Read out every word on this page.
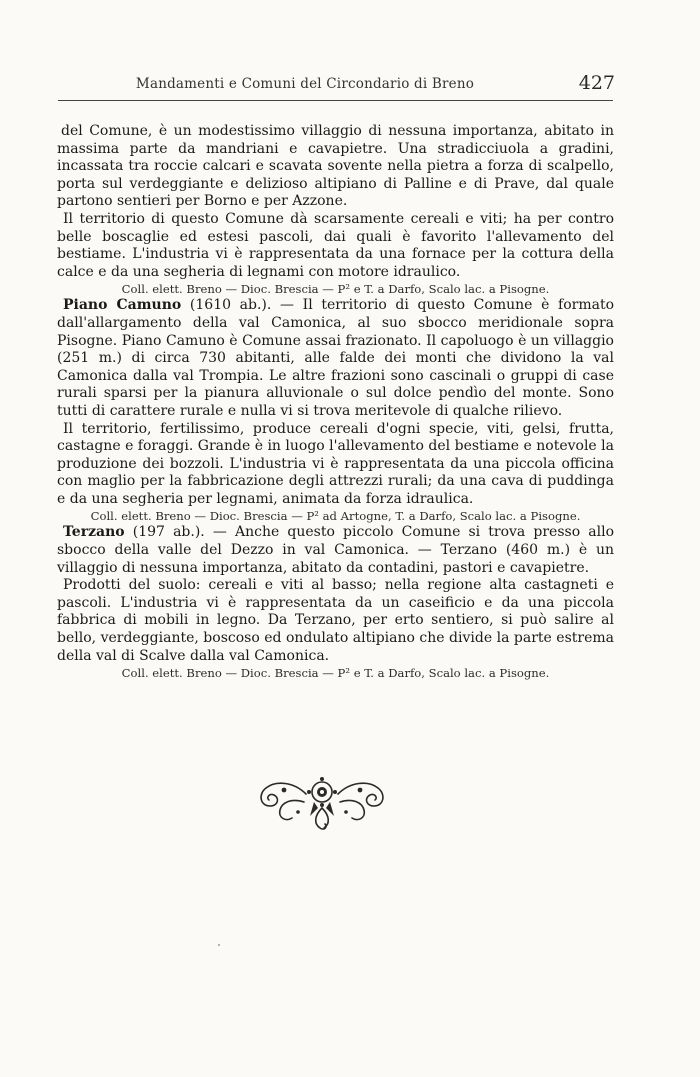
Mandamenti e Comuni del Circondario di Breno	427

del Comune, è un modestissimo villaggio di nessuna importanza, abitato in massima parte da mandriani e cavapietre. Una stradicciuola a gradini, incassata tra roccie calcari e scavata sovente nella pietra a forza di scalpello, porta sul verdeggiante e delizioso altipiano di Palline e di Prave, dal quale partono sentieri per Borno e per Azzone.

Il territorio di questo Comune dà scarsamente cereali e viti; ha per contro belle boscaglie ed estesi pascoli, dai quali è favorito l'allevamento del bestiame. L'industria vi è rappresentata da una fornace per la cottura della calce e da una segheria di legnami con motore idraulico.

Coll. elett. Breno — Dioc. Brescia — P² e T. a Darfo, Scalo lac. a Pisogne.

Piano Camuno (1610 ab.). — Il territorio di questo Comune è formato dall'allargamento della val Camonica, al suo sbocco meridionale sopra Pisogne. Piano Camuno è Comune assai frazionato. Il capoluogo è un villaggio (251 m.) di circa 730 abitanti, alle falde dei monti che dividono la val Camonica dalla val Trompia. Le altre frazioni sono cascinali o gruppi di case rurali sparsi per la pianura alluvionale o sul dolce pendìo del monte. Sono tutti di carattere rurale e nulla vi si trova meritevole di qualche rilievo.

Il territorio, fertilissimo, produce cereali d'ogni specie, viti, gelsi, frutta, castagne e foraggi. Grande è in luogo l'allevamento del bestiame e notevole la produzione dei bozzoli. L'industria vi è rappresentata da una piccola officina con maglio per la fabbricazione degli attrezzi rurali; da una cava di puddinga e da una segheria per legnami, animata da forza idraulica.

Coll. elett. Breno — Dioc. Brescia — P² ad Artogne, T. a Darfo, Scalo lac. a Pisogne.

Terzano (197 ab.). — Anche questo piccolo Comune si trova presso allo sbocco della valle del Dezzo in val Camonica. — Terzano (460 m.) è un villaggio di nessuna importanza, abitato da contadini, pastori e cavapietre.

Prodotti del suolo: cereali e viti al basso; nella regione alta castagneti e pascoli. L'industria vi è rappresentata da un caseificio e da una piccola fabbrica di mobili in legno. Da Terzano, per erto sentiero, si può salire al bello, verdeggiante, boscoso ed ondulato altipiano che divide la parte estrema della val di Scalve dalla val Camonica.

Coll. elett. Breno — Dioc. Brescia — P² e T. a Darfo, Scalo lac. a Pisogne.
